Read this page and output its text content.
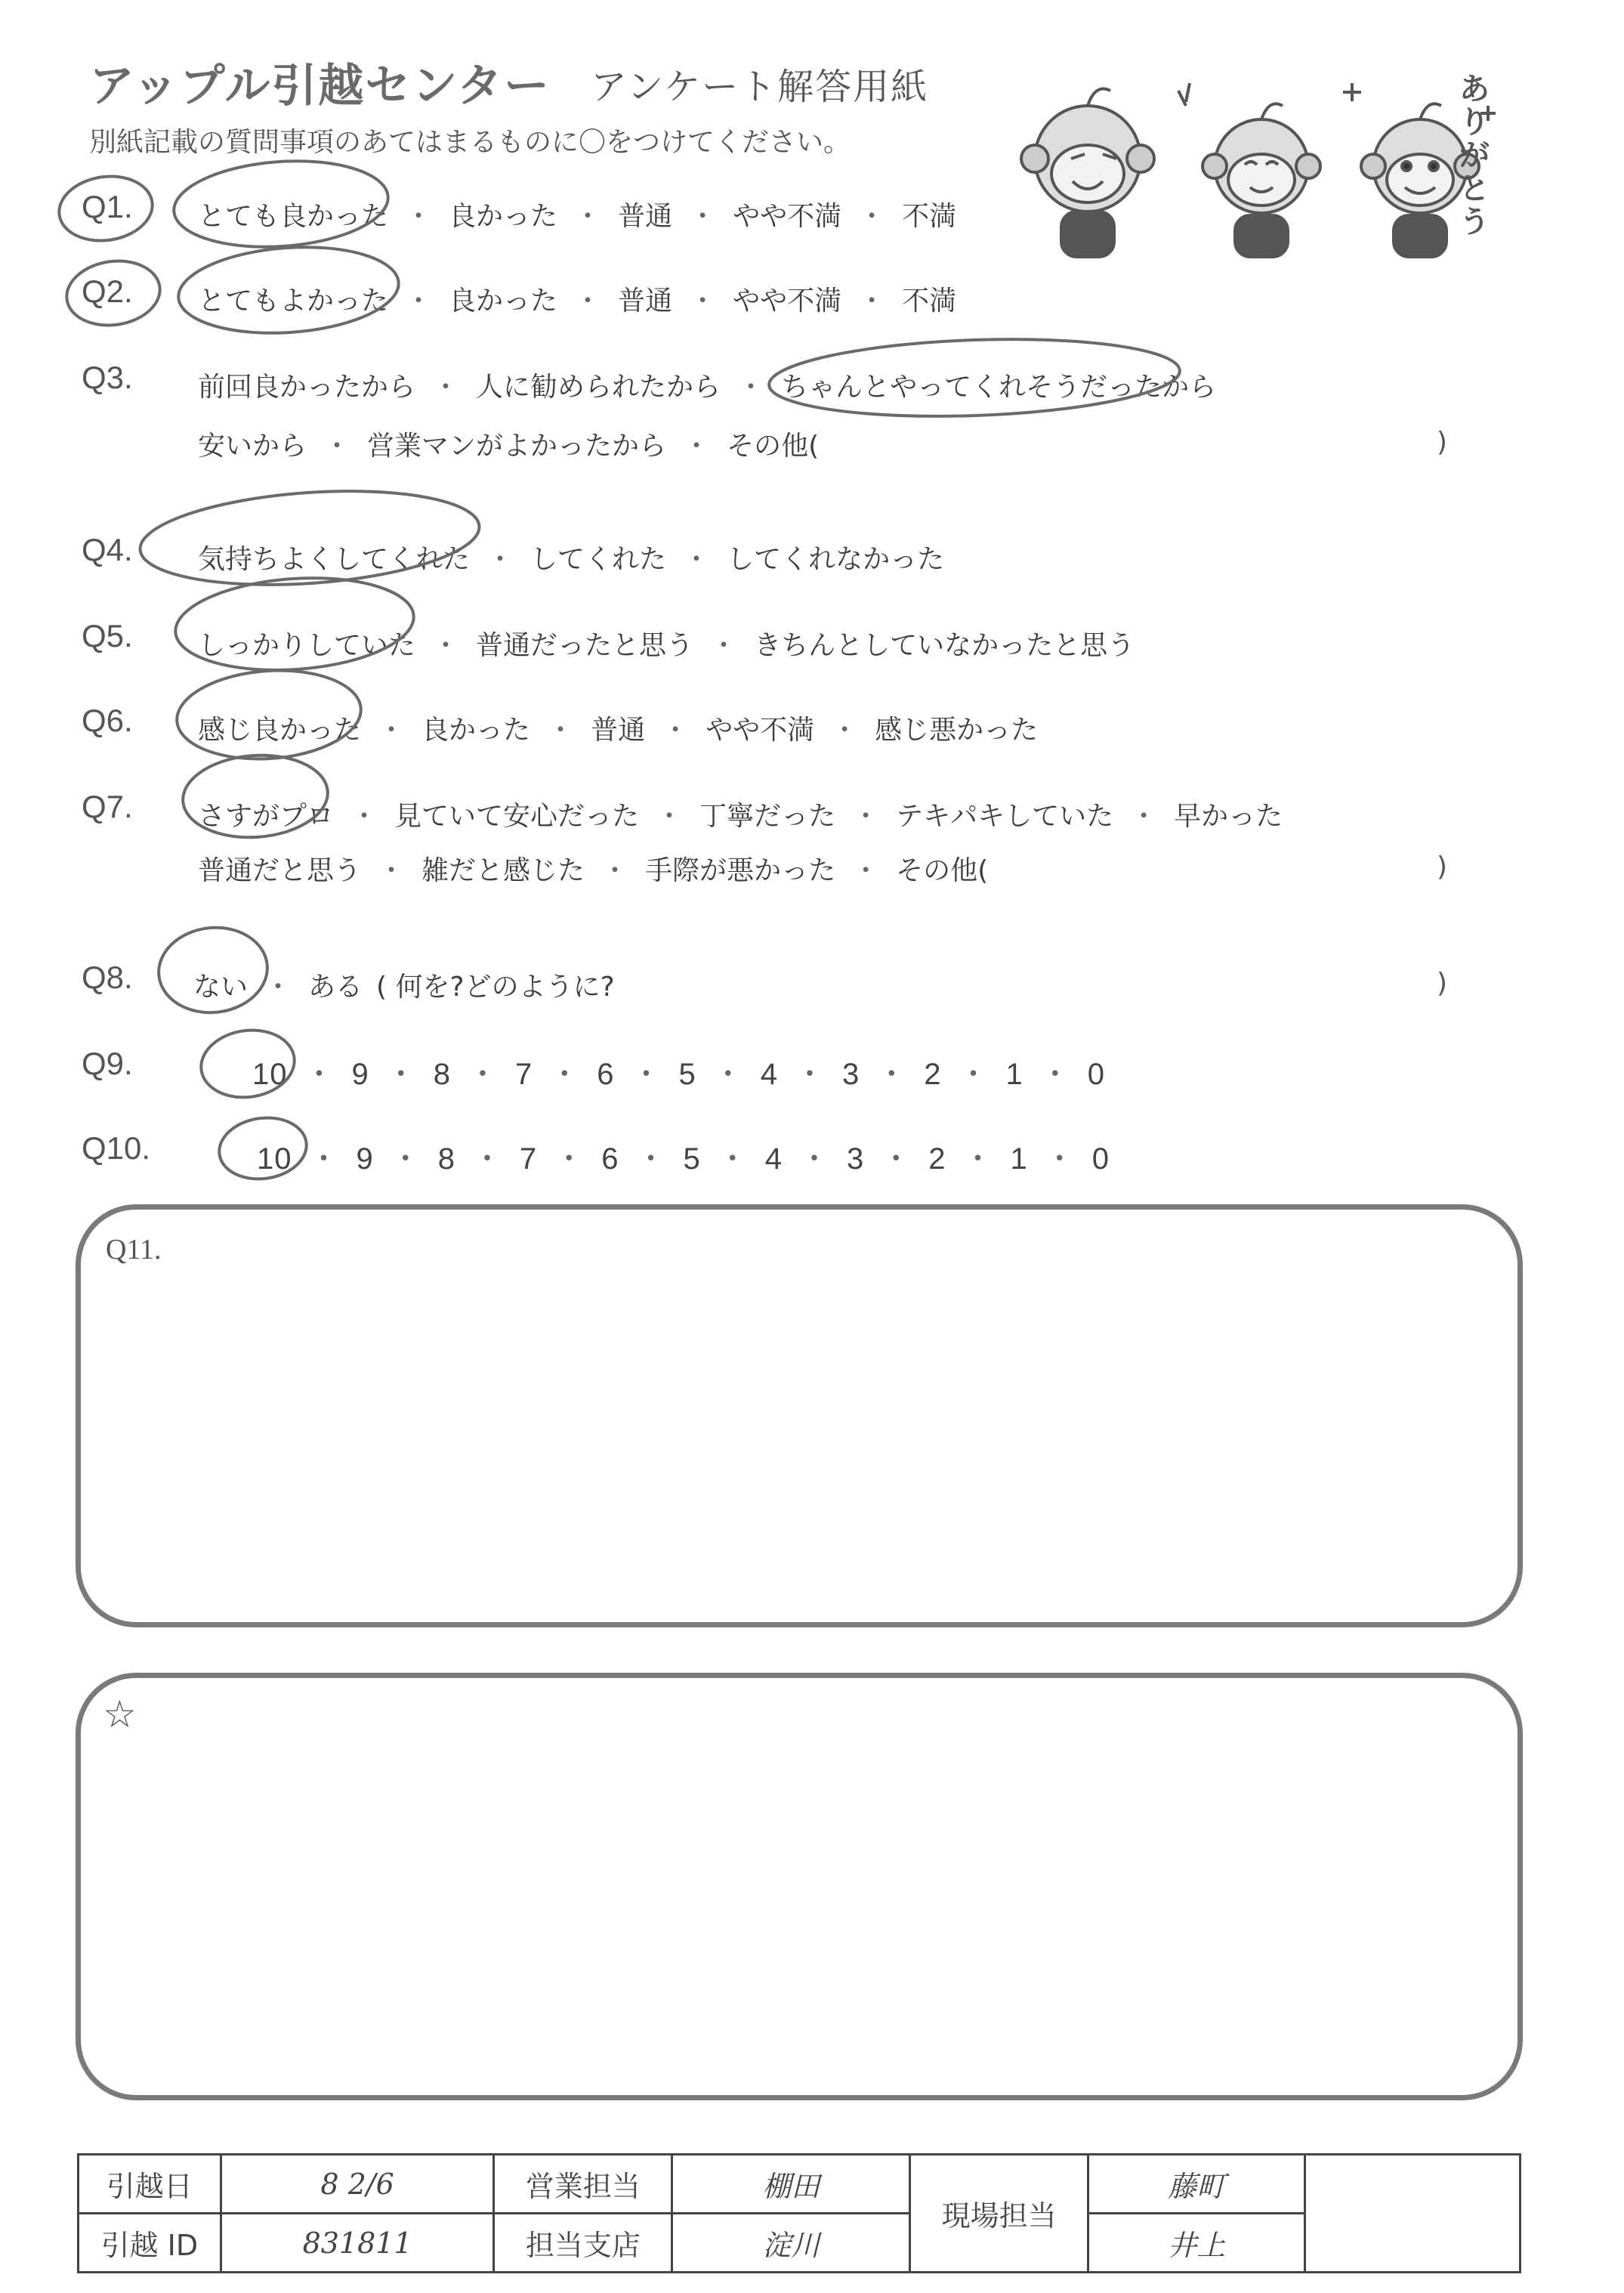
アップル引越センター アンケート解答用紙
別紙記載の質問事項のあてはまるものに〇をつけてください。
ありがとう
Q1. とても良かった ・ 良かった ・ 普通 ・ やや不満 ・ 不満
Q2. とてもよかった ・ 良かった ・ 普通 ・ やや不満 ・ 不満
Q3. 前回良かったから ・ 人に勧められたから ・ ちゃんとやってくれそうだったから
安いから ・ 営業マンがよかったから ・ その他(	)
Q4. 気持ちよくしてくれた ・ してくれた ・ してくれなかった
Q5. しっかりしていた ・ 普通だったと思う ・ きちんとしていなかったと思う
Q6. 感じ良かった ・ 良かった ・ 普通 ・ やや不満 ・ 感じ悪かった
Q7. さすがプロ ・ 見ていて安心だった ・ 丁寧だった ・ テキパキしていた ・ 早かった
普通だと思う ・ 雑だと感じた ・ 手際が悪かった ・ その他(	)
Q8. ない ・ ある ( 何を?どのように?	)
Q9.	10 ・ 9 ・ 8 ・ 7 ・ 6 ・ 5 ・ 4 ・ 3 ・ 2 ・ 1 ・ 0
Q10.	10 ・ 9 ・ 8 ・ 7 ・ 6 ・ 5 ・ 4 ・ 3 ・ 2 ・ 1 ・ 0
Q11.
☆
引越日	8 2/6	営業担当	棚田	現場担当	藤町	
引越 ID	831811	担当支店	淀川		井上	
